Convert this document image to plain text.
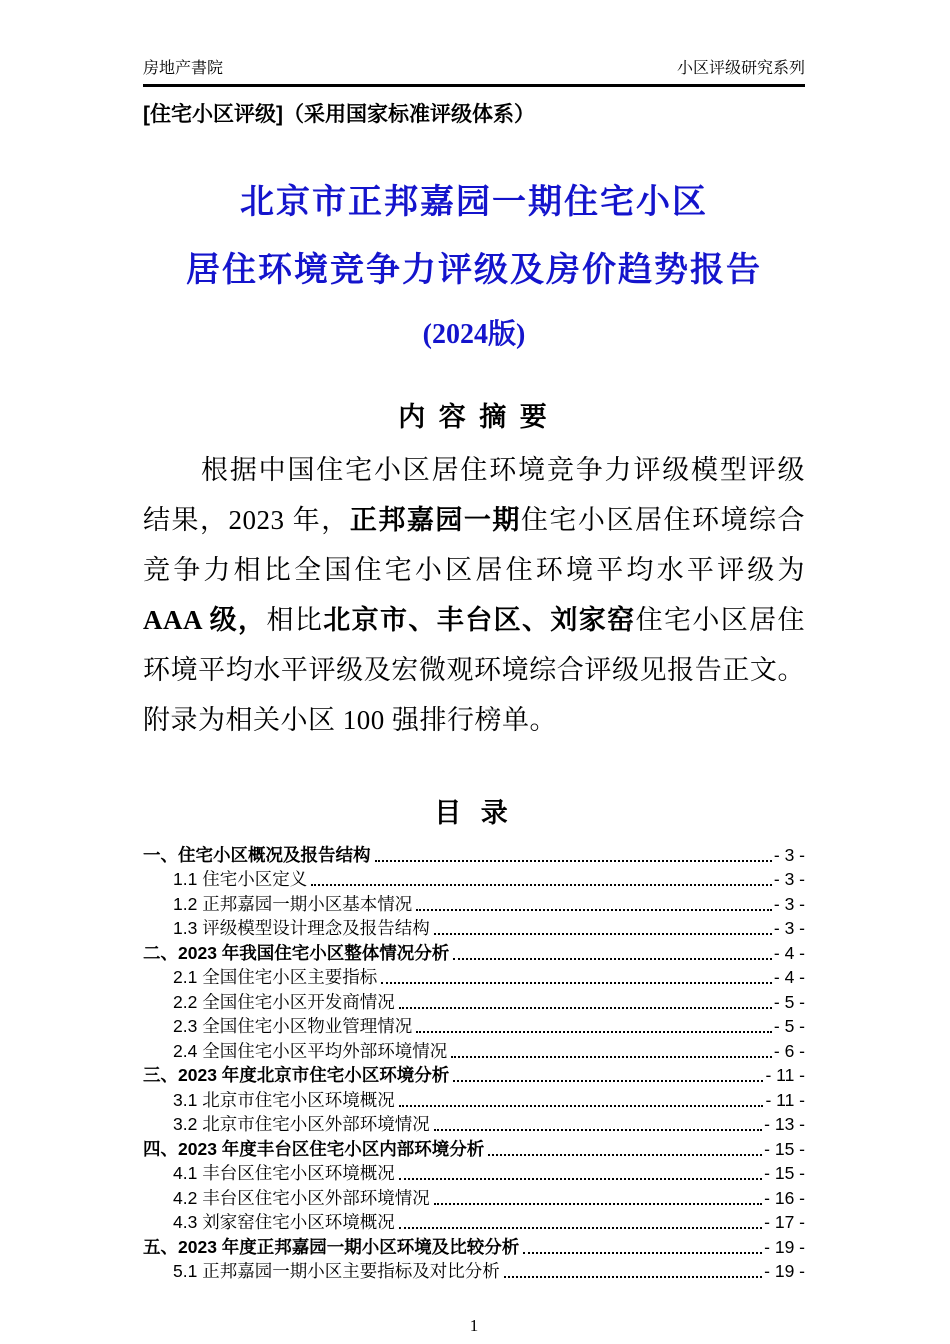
房地产書院	小区评级研究系列
[住宅小区评级]（采用国家标准评级体系）
北京市正邦嘉园一期住宅小区
居住环境竞争力评级及房价趋势报告
(2024版)
内 容 摘 要

根据中国住宅小区居住环境竞争力评级模型评级结果，2023 年，正邦嘉园一期住宅小区居住环境综合竞争力相比全国住宅小区居住环境平均水平评级为 AAA 级，相比北京市、丰台区、刘家窑住宅小区居住环境平均水平评级及宏微观环境综合评级见报告正文。附录为相关小区 100 强排行榜单。

目 录
一、住宅小区概况及报告结构	- 3 -
1.1 住宅小区定义	- 3 -
1.2 正邦嘉园一期小区基本情况	- 3 -
1.3 评级模型设计理念及报告结构	- 3 -
二、2023 年我国住宅小区整体情况分析	- 4 -
2.1 全国住宅小区主要指标	- 4 -
2.2 全国住宅小区开发商情况	- 5 -
2.3 全国住宅小区物业管理情况	- 5 -
2.4 全国住宅小区平均外部环境情况	- 6 -
三、2023 年度北京市住宅小区环境分析	- 11 -
3.1 北京市住宅小区环境概况	- 11 -
3.2 北京市住宅小区外部环境情况	- 13 -
四、2023 年度丰台区住宅小区内部环境分析	- 15 -
4.1 丰台区住宅小区环境概况	- 15 -
4.2 丰台区住宅小区外部环境情况	- 16 -
4.3 刘家窑住宅小区环境概况	- 17 -
五、2023 年度正邦嘉园一期小区环境及比较分析	- 19 -
5.1 正邦嘉园一期小区主要指标及对比分析	- 19 -
1
